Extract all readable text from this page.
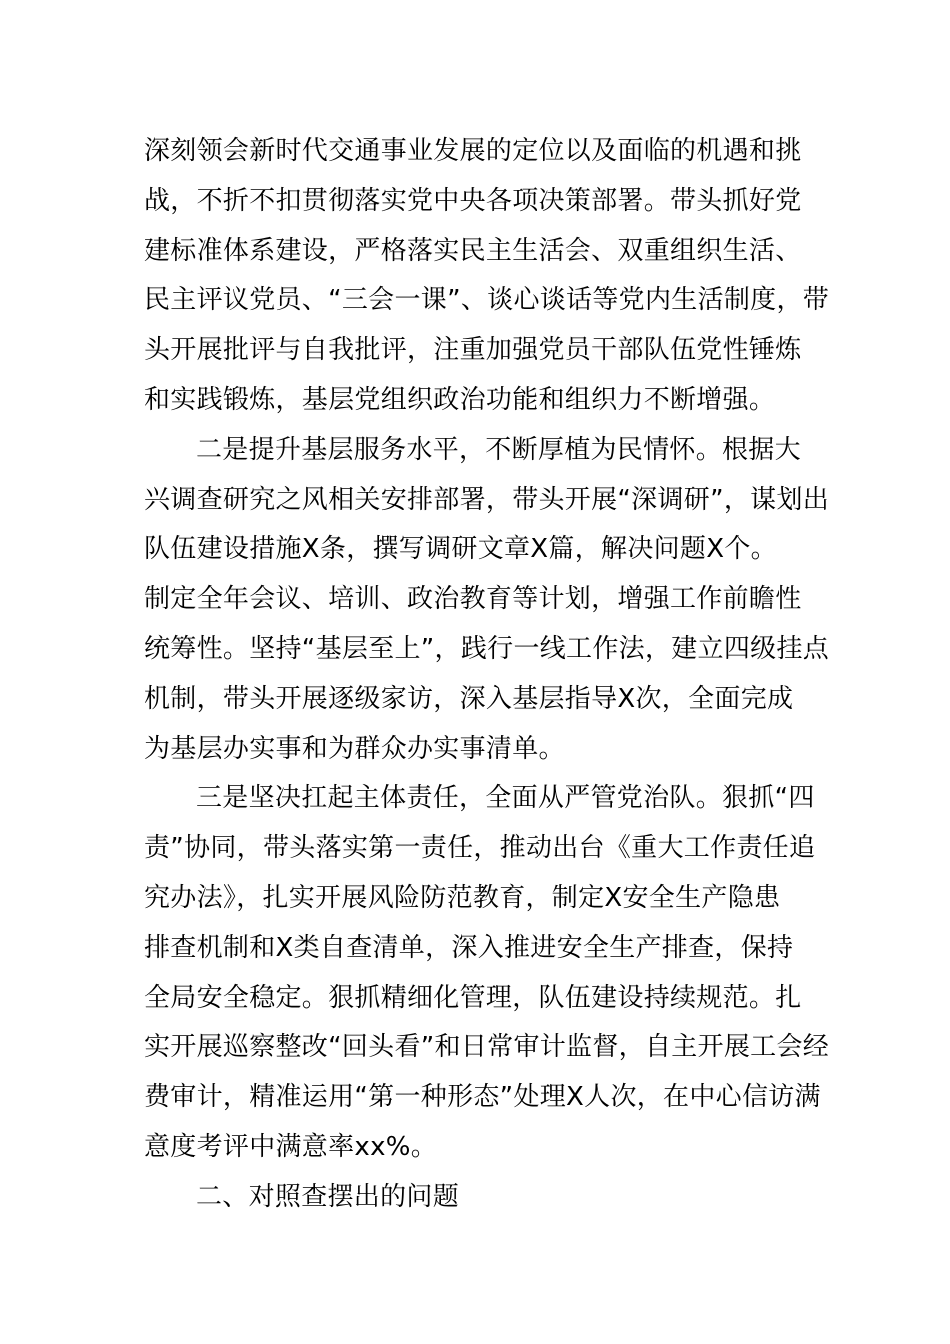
深刻领会新时代交通事业发展的定位以及面临的机遇和挑
战，不折不扣贯彻落实党中央各项决策部署。带头抓好党
建标准体系建设，严格落实民主生活会、双重组织生活、
民主评议党员、“三会一课”、谈心谈话等党内生活制度，带
头开展批评与自我批评，注重加强党员干部队伍党性锤炼
和实践锻炼，基层党组织政治功能和组织力不断增强。
二是提升基层服务水平，不断厚植为民情怀。根据大
兴调查研究之风相关安排部署，带头开展“深调研”，谋划出
队伍建设措施X条，撰写调研文章X篇，解决问题X个。
制定全年会议、培训、政治教育等计划，增强工作前瞻性
统筹性。坚持“基层至上”，践行一线工作法，建立四级挂点
机制，带头开展逐级家访，深入基层指导X次，全面完成
为基层办实事和为群众办实事清单。
三是坚决扛起主体责任，全面从严管党治队。狠抓“四
责”协同，带头落实第一责任，推动出台《重大工作责任追
究办法》，扎实开展风险防范教育，制定X安全生产隐患
排查机制和X类自查清单，深入推进安全生产排查，保持
全局安全稳定。狠抓精细化管理，队伍建设持续规范。扎
实开展巡察整改“回头看”和日常审计监督，自主开展工会经
费审计，精准运用“第一种形态”处理X人次，在中心信访满
意度考评中满意率xx%。
二、对照查摆出的问题
